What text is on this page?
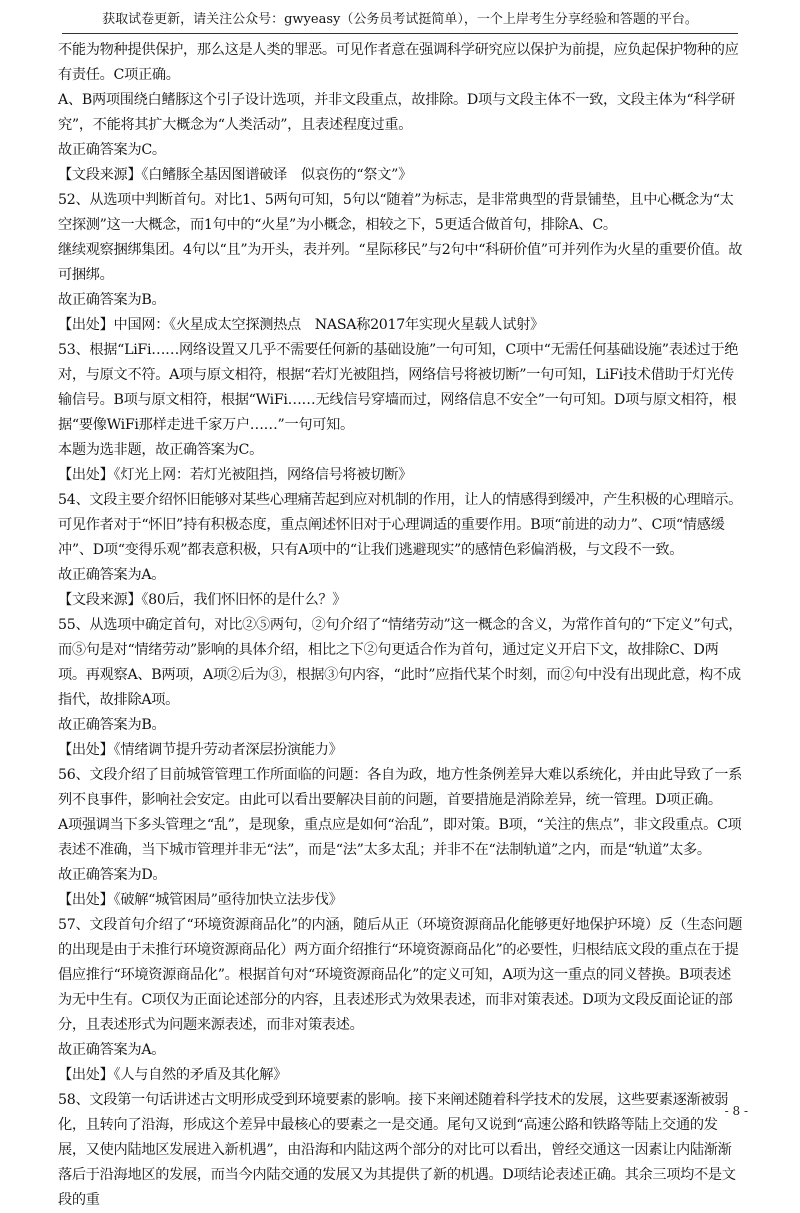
获取试卷更新，请关注公众号：gwyeasy（公务员考试挺简单），一个上岸考生分享经验和答题的平台。

不能为物种提供保护，那么这是人类的罪恶。可见作者意在强调科学研究应以保护为前提，应负起保护物种的应有责任。C项正确。

A、B两项围绕白鳍豚这个引子设计选项，并非文段重点，故排除。D项与文段主体不一致，文段主体为“科学研究”，不能将其扩大概念为“人类活动”，且表述程度过重。

故正确答案为C。

【文段来源】《白鳍豚全基因图谱破译　似哀伤的“祭文”》

52、从选项中判断首句。对比1、5两句可知，5句以“随着”为标志，是非常典型的背景铺垫，且中心概念为“太空探测”这一大概念，而1句中的“火星”为小概念，相较之下，5更适合做首句，排除A、C。

继续观察捆绑集团。4句以“且”为开头，表并列。“星际移民”与2句中“科研价值”可并列作为火星的重要价值。故可捆绑。

故正确答案为B。

【出处】中国网：《火星成太空探测热点　NASA称2017年实现火星载人试射》

53、根据“LiFi……网络设置又几乎不需要任何新的基础设施”一句可知，C项中“无需任何基础设施”表述过于绝对，与原文不符。A项与原文相符，根据“若灯光被阻挡，网络信号将被切断”一句可知，LiFi技术借助于灯光传输信号。B项与原文相符，根据“WiFi……无线信号穿墙而过，网络信息不安全”一句可知。D项与原文相符，根据“要像WiFi那样走进千家万户……”一句可知。

本题为选非题，故正确答案为C。

【出处】《灯光上网：若灯光被阻挡，网络信号将被切断》

54、文段主要介绍怀旧能够对某些心理痛苦起到应对机制的作用，让人的情感得到缓冲，产生积极的心理暗示。可见作者对于“怀旧”持有积极态度，重点阐述怀旧对于心理调适的重要作用。B项“前进的动力”、C项“情感缓冲”、D项“变得乐观”都表意积极，只有A项中的“让我们逃避现实”的感情色彩偏消极，与文段不一致。

故正确答案为A。

【文段来源】《80后，我们怀旧怀的是什么？》

55、从选项中确定首句，对比②⑤两句，②句介绍了“情绪劳动”这一概念的含义，为常作首句的“下定义”句式，而⑤句是对“情绪劳动”影响的具体介绍，相比之下②句更适合作为首句，通过定义开启下文，故排除C、D两项。再观察A、B两项，A项②后为③，根据③句内容，“此时”应指代某个时刻，而②句中没有出现此意，构不成指代，故排除A项。

故正确答案为B。

【出处】《情绪调节提升劳动者深层扮演能力》

56、文段介绍了目前城管管理工作所面临的问题：各自为政，地方性条例差异大难以系统化，并由此导致了一系列不良事件，影响社会安定。由此可以看出要解决目前的问题，首要措施是消除差异，统一管理。D项正确。

A项强调当下多头管理之“乱”，是现象，重点应是如何“治乱”，即对策。B项，“关注的焦点”，非文段重点。C项表述不准确，当下城市管理并非无“法”，而是“法”太多太乱；并非不在“法制轨道”之内，而是“轨道”太多。

故正确答案为D。

【出处】《破解“城管困局”亟待加快立法步伐》

57、文段首句介绍了“环境资源商品化”的内涵，随后从正（环境资源商品化能够更好地保护环境）反（生态问题的出现是由于未推行环境资源商品化）两方面介绍推行“环境资源商品化”的必要性，归根结底文段的重点在于提倡应推行“环境资源商品化”。根据首句对“环境资源商品化”的定义可知，A项为这一重点的同义替换。B项表述为无中生有。C项仅为正面论述部分的内容，且表述形式为效果表述，而非对策表述。D项为文段反面论证的部分，且表述形式为问题来源表述，而非对策表述。

故正确答案为A。

【出处】《人与自然的矛盾及其化解》

58、文段第一句话讲述古文明形成受到环境要素的影响。接下来阐述随着科学技术的发展，这些要素逐渐被弱化，且转向了沿海，形成这个差异中最核心的要素之一是交通。尾句又说到“高速公路和铁路等陆上交通的发展，又使内陆地区发展进入新机遇”，由沿海和内陆这两个部分的对比可以看出，曾经交通这一因素让内陆渐渐落后于沿海地区的发展，而当今内陆交通的发展又为其提供了新的机遇。D项结论表述正确。其余三项均不是文段的重

- 8 -
